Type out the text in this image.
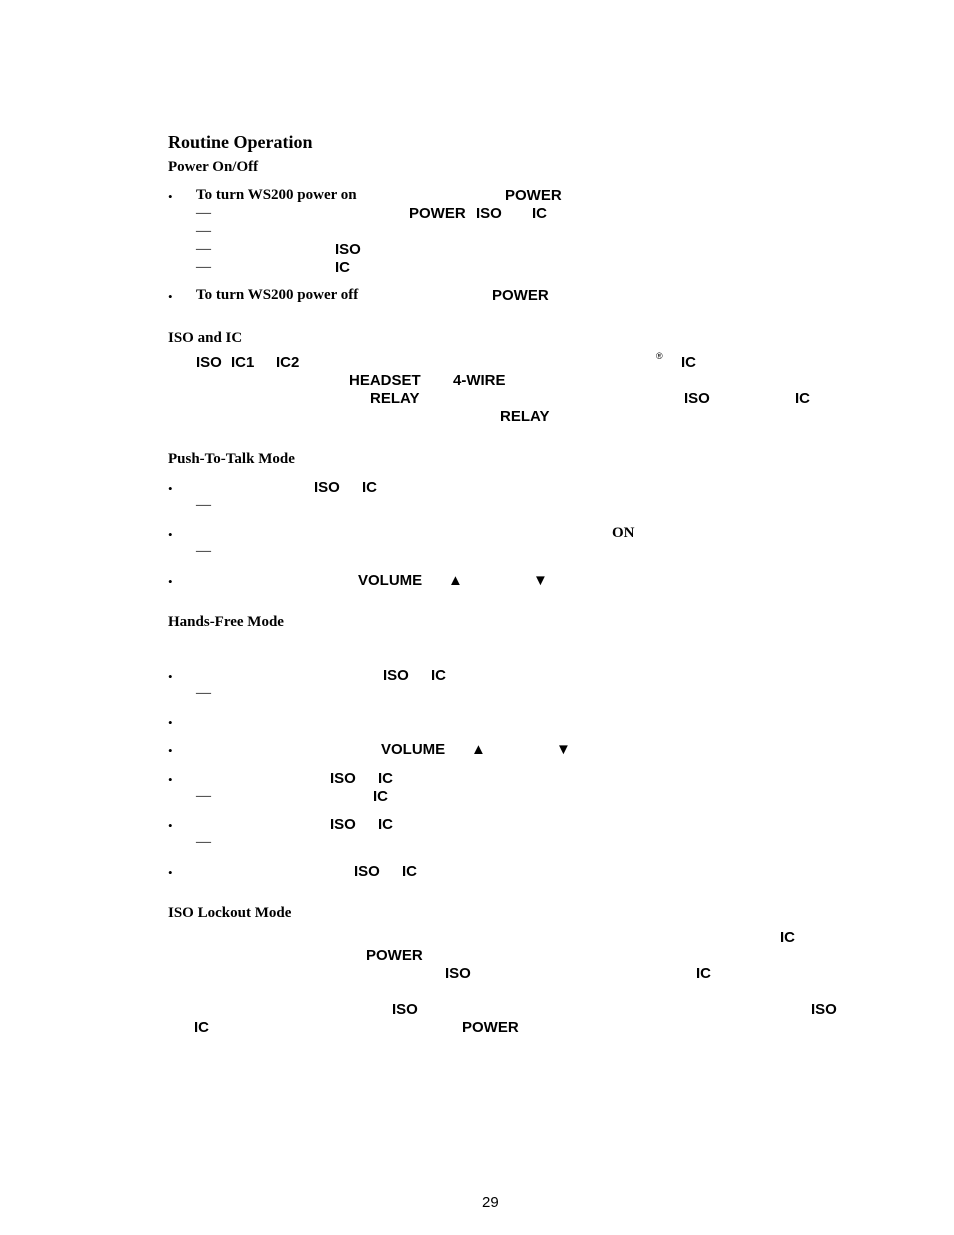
Routine Operation
Power On/Off
• To turn WS200 power on	POWER
—	POWER ISO IC
—
—	ISO
—	IC
• To turn WS200 power off	POWER
ISO and IC
ISO IC1 IC2	® IC
HEADSET 4-WIRE
RELAY	ISO	IC
RELAY
Push-To-Talk Mode
•	ISO IC
—
•	ON
—
•	VOLUME ▲	▼
Hands-Free Mode
•	ISO IC
—
•
•	VOLUME ▲	▼
•	ISO IC
—	IC
•	ISO IC
—
•	ISO IC
ISO Lockout Mode
IC
POWER
ISO	IC
ISO	ISO
IC	POWER
29
